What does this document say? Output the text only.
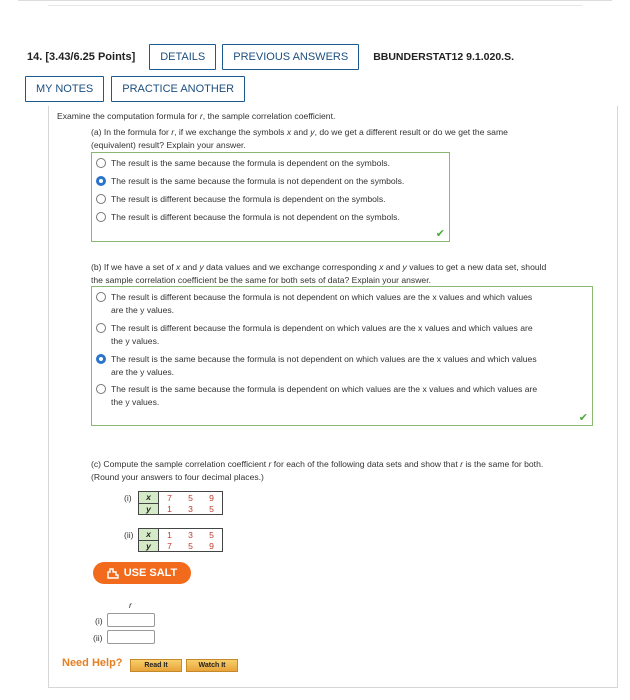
14. [3.43/6.25 Points]	DETAILS	PREVIOUS ANSWERS	BBUNDERSTAT12 9.1.020.S.
MY NOTES	PRACTICE ANOTHER
Examine the computation formula for r, the sample correlation coefficient.
(a) In the formula for r, if we exchange the symbols x and y, do we get a different result or do we get the same
(equivalent) result? Explain your answer.
The result is the same because the formula is dependent on the symbols.
The result is the same because the formula is not dependent on the symbols.
The result is different because the formula is dependent on the symbols.
The result is different because the formula is not dependent on the symbols.
✔
(b) If we have a set of x and y data values and we exchange corresponding x and y values to get a new data set, should
the sample correlation coefficient be the same for both sets of data? Explain your answer.
The result is different because the formula is not dependent on which values are the x values and which values
are the y values.
The result is different because the formula is dependent on which values are the x values and which values are
the y values.
The result is the same because the formula is not dependent on which values are the x values and which values
are the y values.
The result is the same because the formula is dependent on which values are the x values and which values are
the y values.
✔
(c) Compute the sample correlation coefficient r for each of the following data sets and show that r is the same for both.
(Round your answers to four decimal places.)
(i) x	7	5	9

y	1	3	5
(ii) x	1	3	5

y	7	5	9
USE SALT
r
(i)
(ii)
Need Help?	Read It	Watch It
